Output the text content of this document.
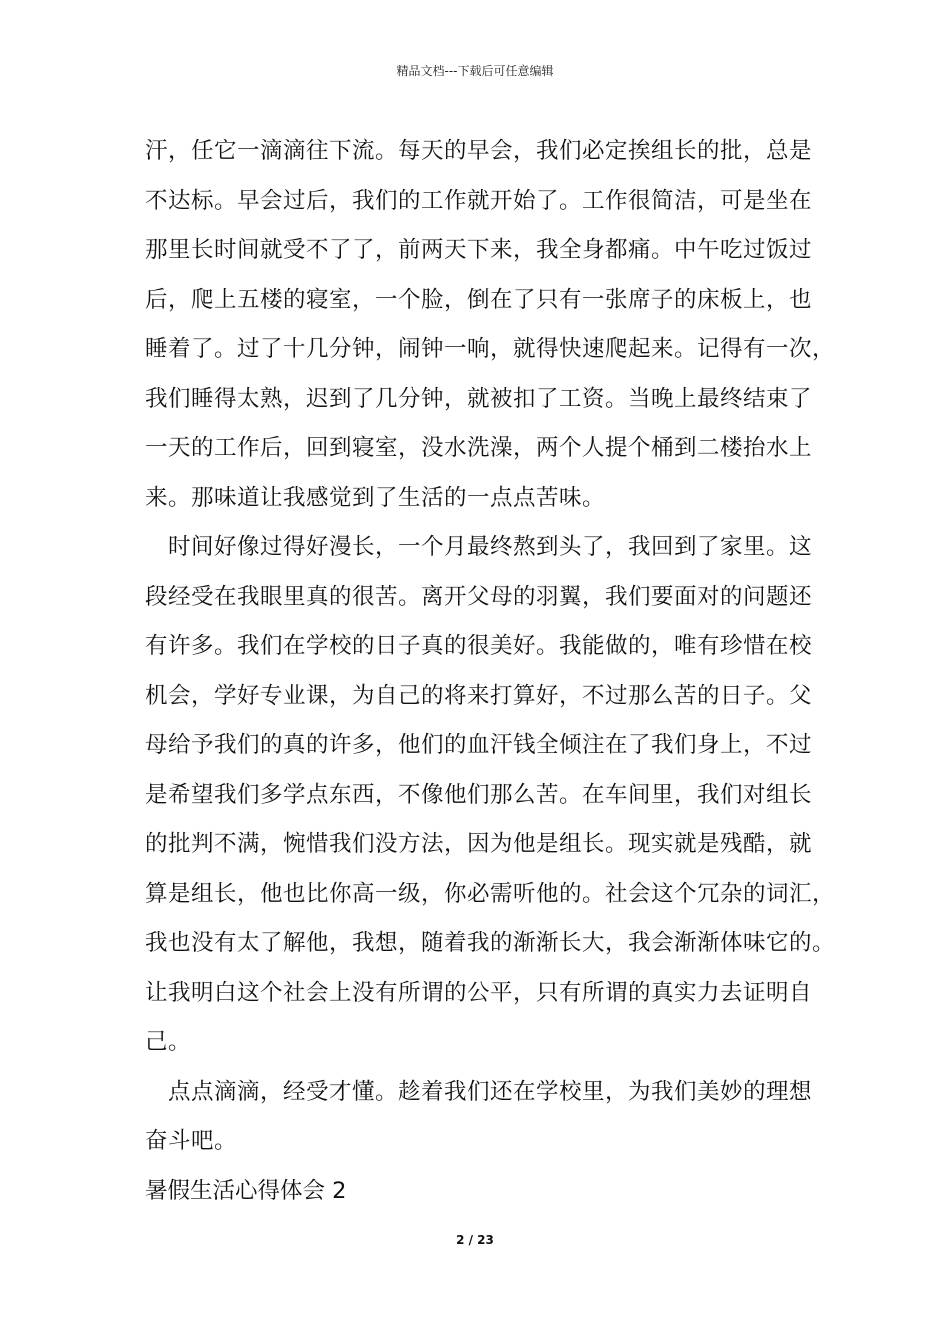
精品文档---下载后可任意编辑
汗，任它一滴滴往下流。每天的早会，我们必定挨组长的批，总是
不达标。早会过后，我们的工作就开始了。工作很简洁，可是坐在
那里长时间就受不了了，前两天下来，我全身都痛。中午吃过饭过
后，爬上五楼的寝室，一个脸，倒在了只有一张席子的床板上，也
睡着了。过了十几分钟，闹钟一响，就得快速爬起来。记得有一次，
我们睡得太熟，迟到了几分钟，就被扣了工资。当晚上最终结束了
一天的工作后，回到寝室，没水洗澡，两个人提个桶到二楼抬水上
来。那味道让我感觉到了生活的一点点苦味。
时间好像过得好漫长，一个月最终熬到头了，我回到了家里。这
段经受在我眼里真的很苦。离开父母的羽翼，我们要面对的问题还
有许多。我们在学校的日子真的很美好。我能做的，唯有珍惜在校
机会，学好专业课，为自己的将来打算好，不过那么苦的日子。父
母给予我们的真的许多，他们的血汗钱全倾注在了我们身上，不过
是希望我们多学点东西，不像他们那么苦。在车间里，我们对组长
的批判不满，惋惜我们没方法，因为他是组长。现实就是残酷，就
算是组长，他也比你高一级，你必需听他的。社会这个冗杂的词汇，
我也没有太了解他，我想，随着我的渐渐长大，我会渐渐体味它的。
让我明白这个社会上没有所谓的公平，只有所谓的真实力去证明自
己。
点点滴滴，经受才懂。趁着我们还在学校里，为我们美妙的理想
奋斗吧。
暑假生活心得体会 2
2 / 23
